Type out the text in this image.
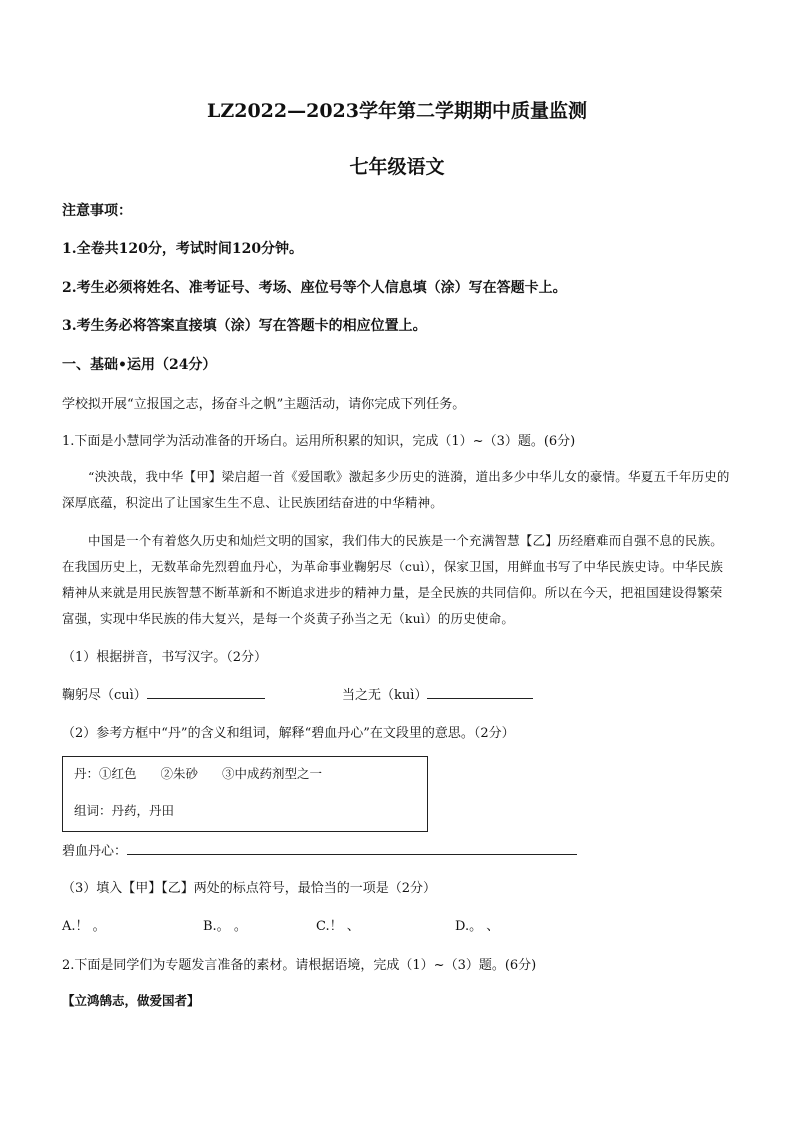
LZ2022—2023学年第二学期期中质量监测
七年级语文
注意事项：
1.全卷共120分，考试时间120分钟。
2.考生必须将姓名、准考证号、考场、座位号等个人信息填（涂）写在答题卡上。
3.考生务必将答案直接填（涂）写在答题卡的相应位置上。
一、基础•运用（24分）
学校拟开展“立报国之志，扬奋斗之帆”主题活动，请你完成下列任务。
1.下面是小慧同学为活动准备的开场白。运用所积累的知识，完成（1）~（3）题。(6分)
“泱泱哉，我中华【甲】梁启超一首《爱国歌》激起多少历史的涟漪，道出多少中华儿女的豪情。华夏五千年历史的深厚底蕴，积淀出了让国家生生不息、让民族团结奋进的中华精神。
中国是一个有着悠久历史和灿烂文明的国家，我们伟大的民族是一个充满智慧【乙】历经磨难而自强不息的民族。在我国历史上，无数革命先烈碧血丹心，为革命事业鞠躬尽（cuì），保家卫国，用鲜血书写了中华民族史诗。中华民族精神从来就是用民族智慧不断革新和不断追求进步的精神力量，是全民族的共同信仰。所以在今天，把祖国建设得繁荣富强，实现中华民族的伟大复兴，是每一个炎黄子孙当之无（kuì）的历史使命。
（1）根据拼音，书写汉字。（2分）
鞠躬尽（cuì）	当之无（kuì）
（2）参考方框中“丹”的含义和组词，解释“碧血丹心”在文段里的意思。（2分）
丹：①红色 ②朱砂 ③中成药剂型之一
组词：丹药，丹田
碧血丹心：
（3）填入【甲】【乙】两处的标点符号，最恰当的一项是（2分）
A.！ 。	B.。 。	C.！ 、	D.。 、
2.下面是同学们为专题发言准备的素材。请根据语境，完成（1）~（3）题。(6分)
【立鸿鹄志，做爱国者】
